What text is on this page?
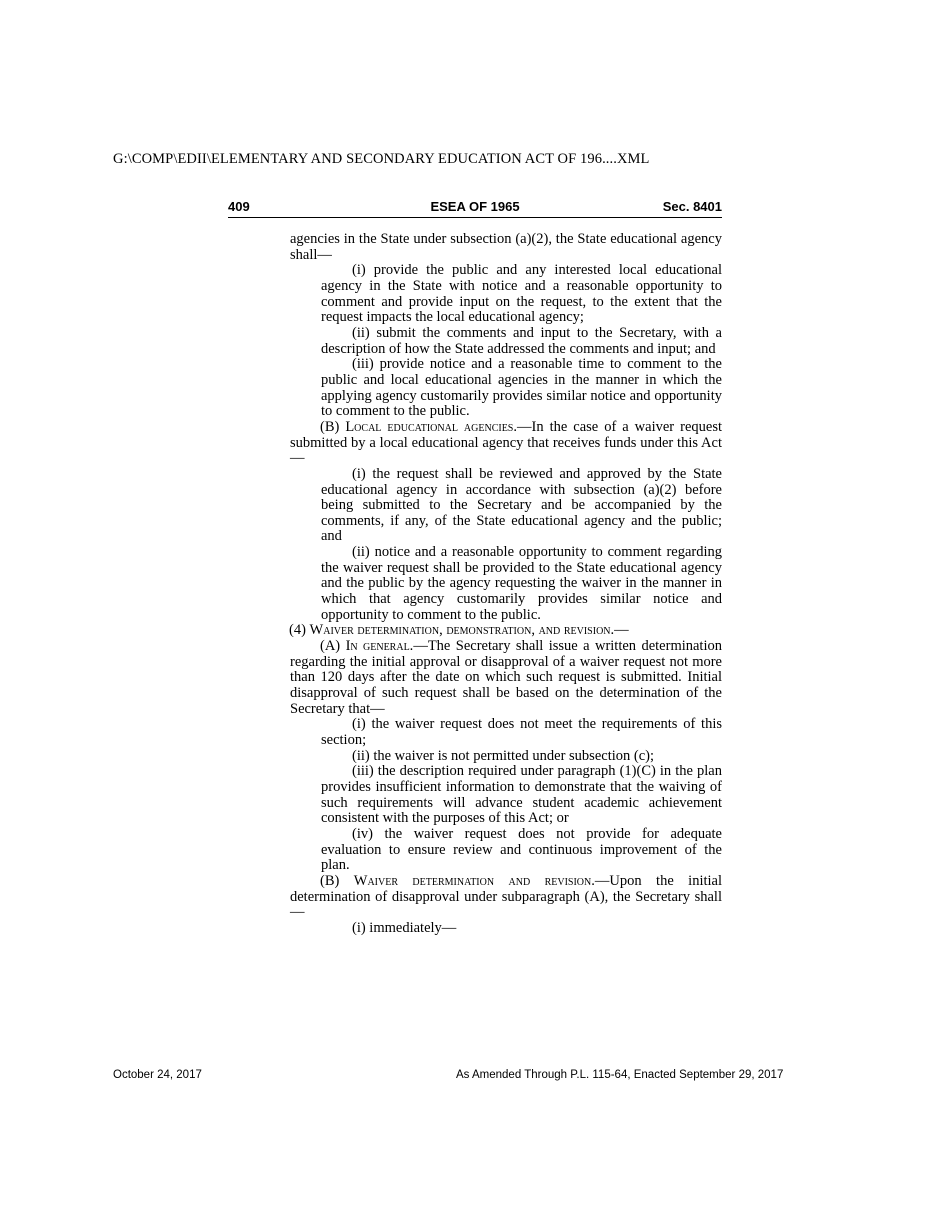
G:\COMP\EDII\ELEMENTARY AND SECONDARY EDUCATION ACT OF 196....XML
409	ESEA OF 1965	Sec. 8401

agencies in the State under subsection (a)(2), the State educational agency shall—

(i) provide the public and any interested local educational agency in the State with notice and a reasonable opportunity to comment and provide input on the request, to the extent that the request impacts the local educational agency;

(ii) submit the comments and input to the Secretary, with a description of how the State addressed the comments and input; and

(iii) provide notice and a reasonable time to comment to the public and local educational agencies in the manner in which the applying agency customarily provides similar notice and opportunity to comment to the public.

(B) Local educational agencies.—In the case of a waiver request submitted by a local educational agency that receives funds under this Act—

(i) the request shall be reviewed and approved by the State educational agency in accordance with subsection (a)(2) before being submitted to the Secretary and be accompanied by the comments, if any, of the State educational agency and the public; and

(ii) notice and a reasonable opportunity to comment regarding the waiver request shall be provided to the State educational agency and the public by the agency requesting the waiver in the manner in which that agency customarily provides similar notice and opportunity to comment to the public.

(4) Waiver determination, demonstration, and revision.—

(A) In general.—The Secretary shall issue a written determination regarding the initial approval or disapproval of a waiver request not more than 120 days after the date on which such request is submitted. Initial disapproval of such request shall be based on the determination of the Secretary that—

(i) the waiver request does not meet the requirements of this section;

(ii) the waiver is not permitted under subsection (c);

(iii) the description required under paragraph (1)(C) in the plan provides insufficient information to demonstrate that the waiving of such requirements will advance student academic achievement consistent with the purposes of this Act; or

(iv) the waiver request does not provide for adequate evaluation to ensure review and continuous improvement of the plan.

(B) Waiver determination and revision.—Upon the initial determination of disapproval under subparagraph (A), the Secretary shall—

(i) immediately—

October 24, 2017	As Amended Through P.L. 115-64, Enacted September 29, 2017
